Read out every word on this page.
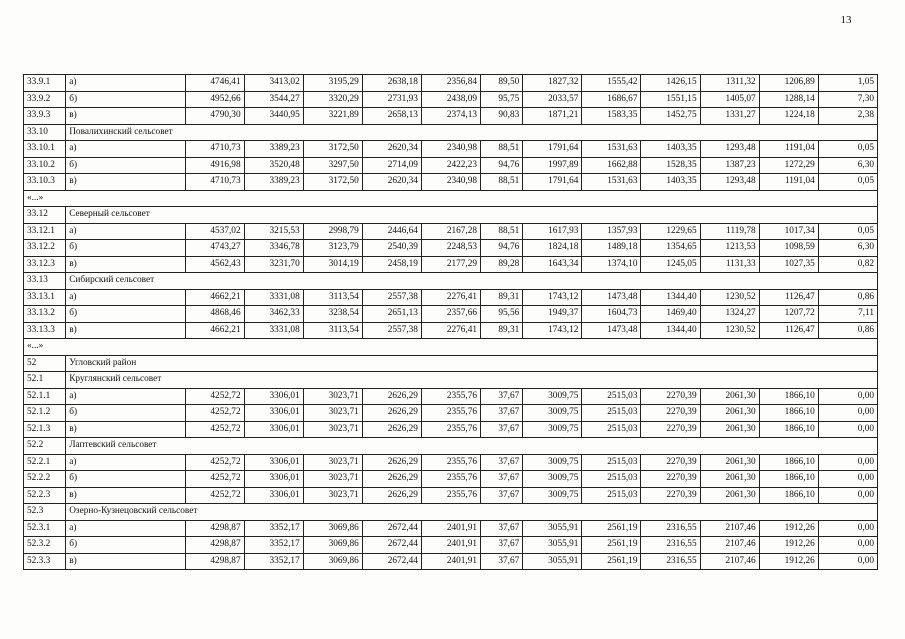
13
33.9.1	а)	4746,41	3413,02	3195,29	2638,18	2356,84	89,50	1827,32	1555,42	1426,15	1311,32	1206,89	1,05
33.9.2	б)	4952,66	3544,27	3320,29	2731,93	2438,09	95,75	2033,57	1686,67	1551,15	1405,07	1288,14	7,30
33.9.3	в)	4790,30	3440,95	3221,89	2658,13	2374,13	90,83	1871,21	1583,35	1452,75	1331,27	1224,18	2,38
33.10	Повалихинский сельсовет												
33.10.1	а)	4710,73	3389,23	3172,50	2620,34	2340,98	88,51	1791,64	1531,63	1403,35	1293,48	1191,04	0,05
33.10.2	б)	4916,98	3520,48	3297,50	2714,09	2422,23	94,76	1997,89	1662,88	1528,35	1387,23	1272,29	6,30
33.10.3	в)	4710,73	3389,23	3172,50	2620,34	2340,98	88,51	1791,64	1531,63	1403,35	1293,48	1191,04	0,05
«...»													
33.12	Северный сельсовет												
33.12.1	а)	4537,02	3215,53	2998,79	2446,64	2167,28	88,51	1617,93	1357,93	1229,65	1119,78	1017,34	0,05
33.12.2	б)	4743,27	3346,78	3123,79	2540,39	2248,53	94,76	1824,18	1489,18	1354,65	1213,53	1098,59	6,30
33.12.3	в)	4562,43	3231,70	3014,19	2458,19	2177,29	89,28	1643,34	1374,10	1245,05	1131,33	1027,35	0,82
33.13	Сибирский сельсовет												
33.13.1	а)	4662,21	3331,08	3113,54	2557,38	2276,41	89,31	1743,12	1473,48	1344,40	1230,52	1126,47	0,86
33.13.2	б)	4868,46	3462,33	3238,54	2651,13	2357,66	95,56	1949,37	1604,73	1469,40	1324,27	1207,72	7,11
33.13.3	в)	4662,21	3331,08	3113,54	2557,38	2276,41	89,31	1743,12	1473,48	1344,40	1230,52	1126,47	0,86
«...»													
52	Угловский район												
52.1	Круглянский сельсовет												
52.1.1	а)	4252,72	3306,01	3023,71	2626,29	2355,76	37,67	3009,75	2515,03	2270,39	2061,30	1866,10	0,00
52.1.2	б)	4252,72	3306,01	3023,71	2626,29	2355,76	37,67	3009,75	2515,03	2270,39	2061,30	1866,10	0,00
52.1.3	в)	4252,72	3306,01	3023,71	2626,29	2355,76	37,67	3009,75	2515,03	2270,39	2061,30	1866,10	0,00
52.2	Лаптевский сельсовет												
52.2.1	а)	4252,72	3306,01	3023,71	2626,29	2355,76	37,67	3009,75	2515,03	2270,39	2061,30	1866,10	0,00
52.2.2	б)	4252,72	3306,01	3023,71	2626,29	2355,76	37,67	3009,75	2515,03	2270,39	2061,30	1866,10	0,00
52.2.3	в)	4252,72	3306,01	3023,71	2626,29	2355,76	37,67	3009,75	2515,03	2270,39	2061,30	1866,10	0,00
52.3	Озерно-Кузнецовский сельсовет												
52.3.1	а)	4298,87	3352,17	3069,86	2672,44	2401,91	37,67	3055,91	2561,19	2316,55	2107,46	1912,26	0,00
52.3.2	б)	4298,87	3352,17	3069,86	2672,44	2401,91	37,67	3055,91	2561,19	2316,55	2107,46	1912,26	0,00
52.3.3	в)	4298,87	3352,17	3069,86	2672,44	2401,91	37,67	3055,91	2561,19	2316,55	2107,46	1912,26	0,00
